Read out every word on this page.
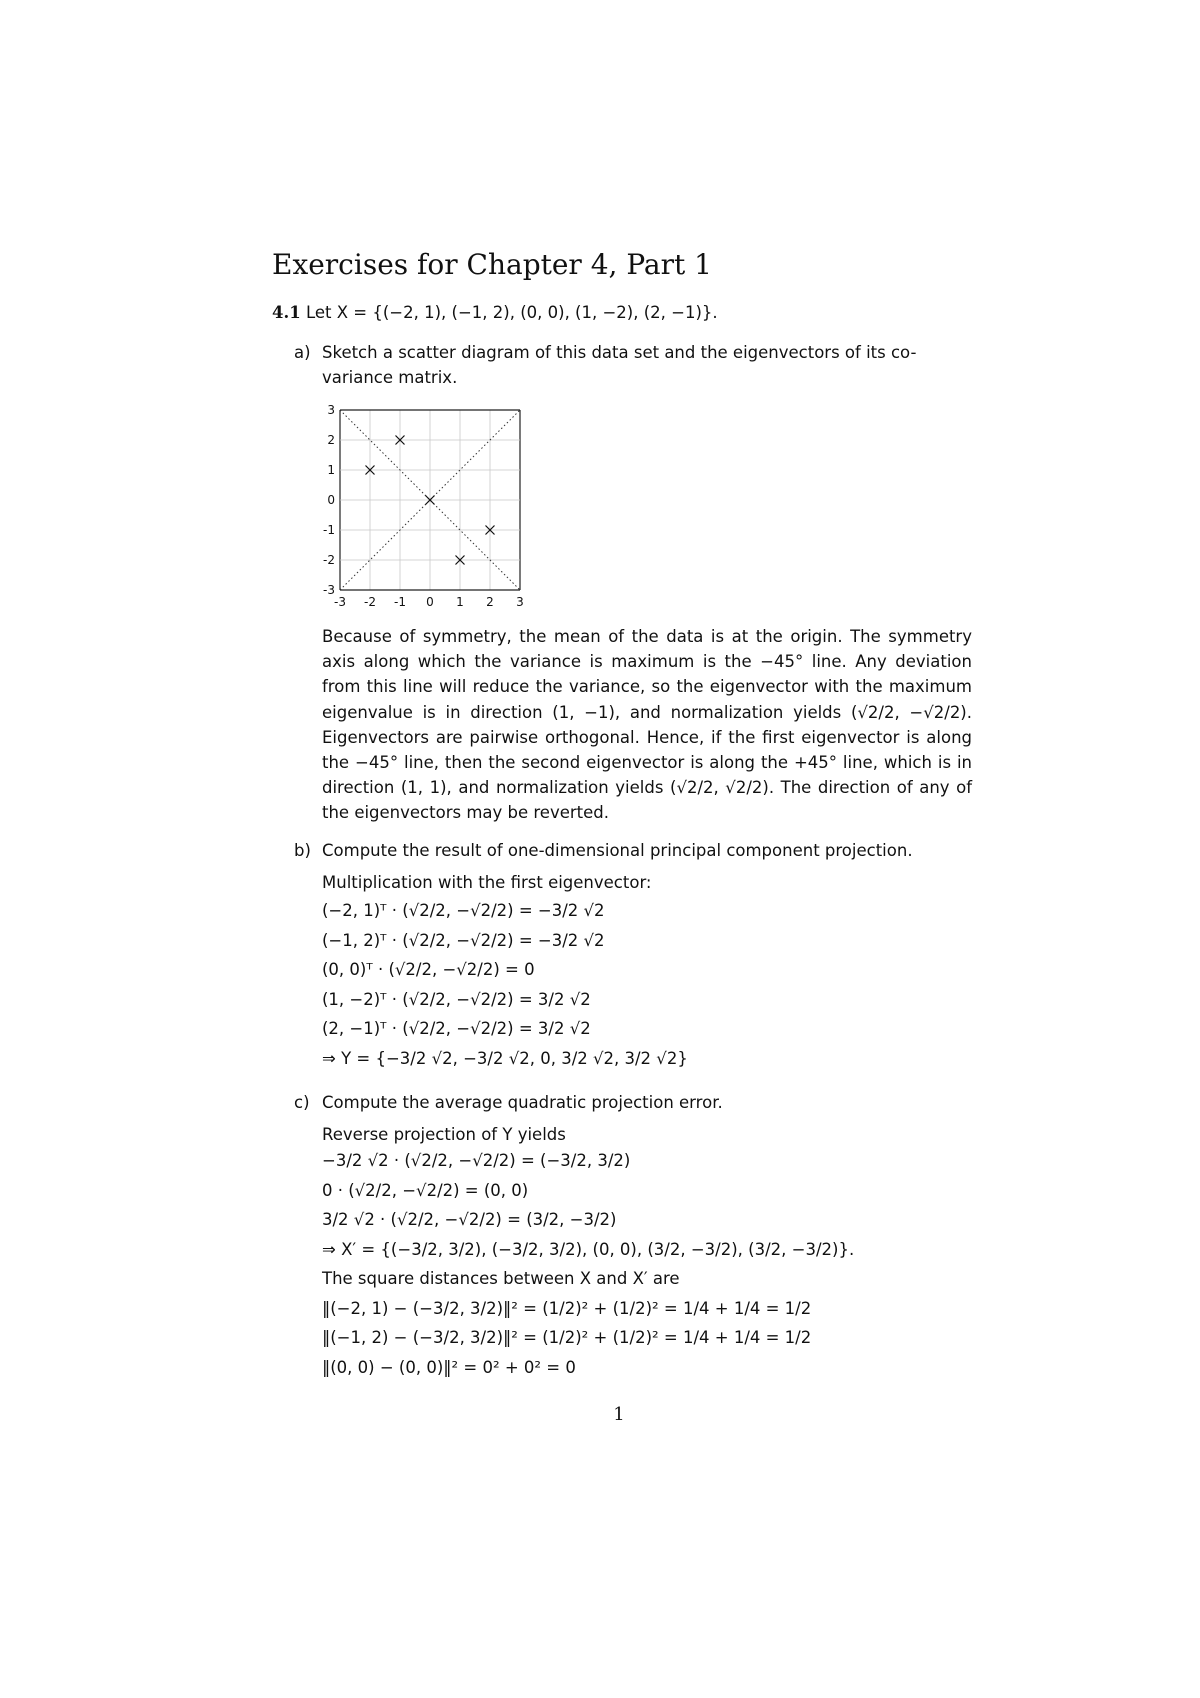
Exercises for Chapter 4, Part 1
4.1 Let X = {(−2, 1), (−1, 2), (0, 0), (1, −2), (2, −1)}.
a) Sketch a scatter diagram of this data set and the eigenvectors of its co-
variance matrix.
-3 -2 -1 0 1 2 3
3
2
1
0
-1
-2
-3
Because of symmetry, the mean of the data is at the origin. The symmetry axis along which the variance is maximum is the −45° line. Any deviation from this line will reduce the variance, so the eigenvector with the maximum eigenvalue is in direction (1, −1), and normalization yields (√2/2, −√2/2). Eigenvectors are pairwise orthogonal. Hence, if the first eigenvector is along the −45° line, then the second eigenvector is along the +45° line, which is in direction (1, 1), and normalization yields (√2/2, √2/2). The direction of any of the eigenvectors may be reverted.
b) Compute the result of one-dimensional principal component projection.
Multiplication with the first eigenvector:
(−2, 1)ᵀ · (√2/2, −√2/2) = −3/2 √2
(−1, 2)ᵀ · (√2/2, −√2/2) = −3/2 √2
(0, 0)ᵀ · (√2/2, −√2/2) = 0
(1, −2)ᵀ · (√2/2, −√2/2) = 3/2 √2
(2, −1)ᵀ · (√2/2, −√2/2) = 3/2 √2
⇒ Y = {−3/2 √2, −3/2 √2, 0, 3/2 √2, 3/2 √2}
c) Compute the average quadratic projection error.
Reverse projection of Y yields
−3/2 √2 · (√2/2, −√2/2) = (−3/2, 3/2)
0 · (√2/2, −√2/2) = (0, 0)
3/2 √2 · (√2/2, −√2/2) = (3/2, −3/2)
⇒ X′ = {(−3/2, 3/2), (−3/2, 3/2), (0, 0), (3/2, −3/2), (3/2, −3/2)}.
The square distances between X and X′ are
‖(−2, 1) − (−3/2, 3/2)‖² = (1/2)² + (1/2)² = 1/4 + 1/4 = 1/2
‖(−1, 2) − (−3/2, 3/2)‖² = (1/2)² + (1/2)² = 1/4 + 1/4 = 1/2
‖(0, 0) − (0, 0)‖² = 0² + 0² = 0
1
